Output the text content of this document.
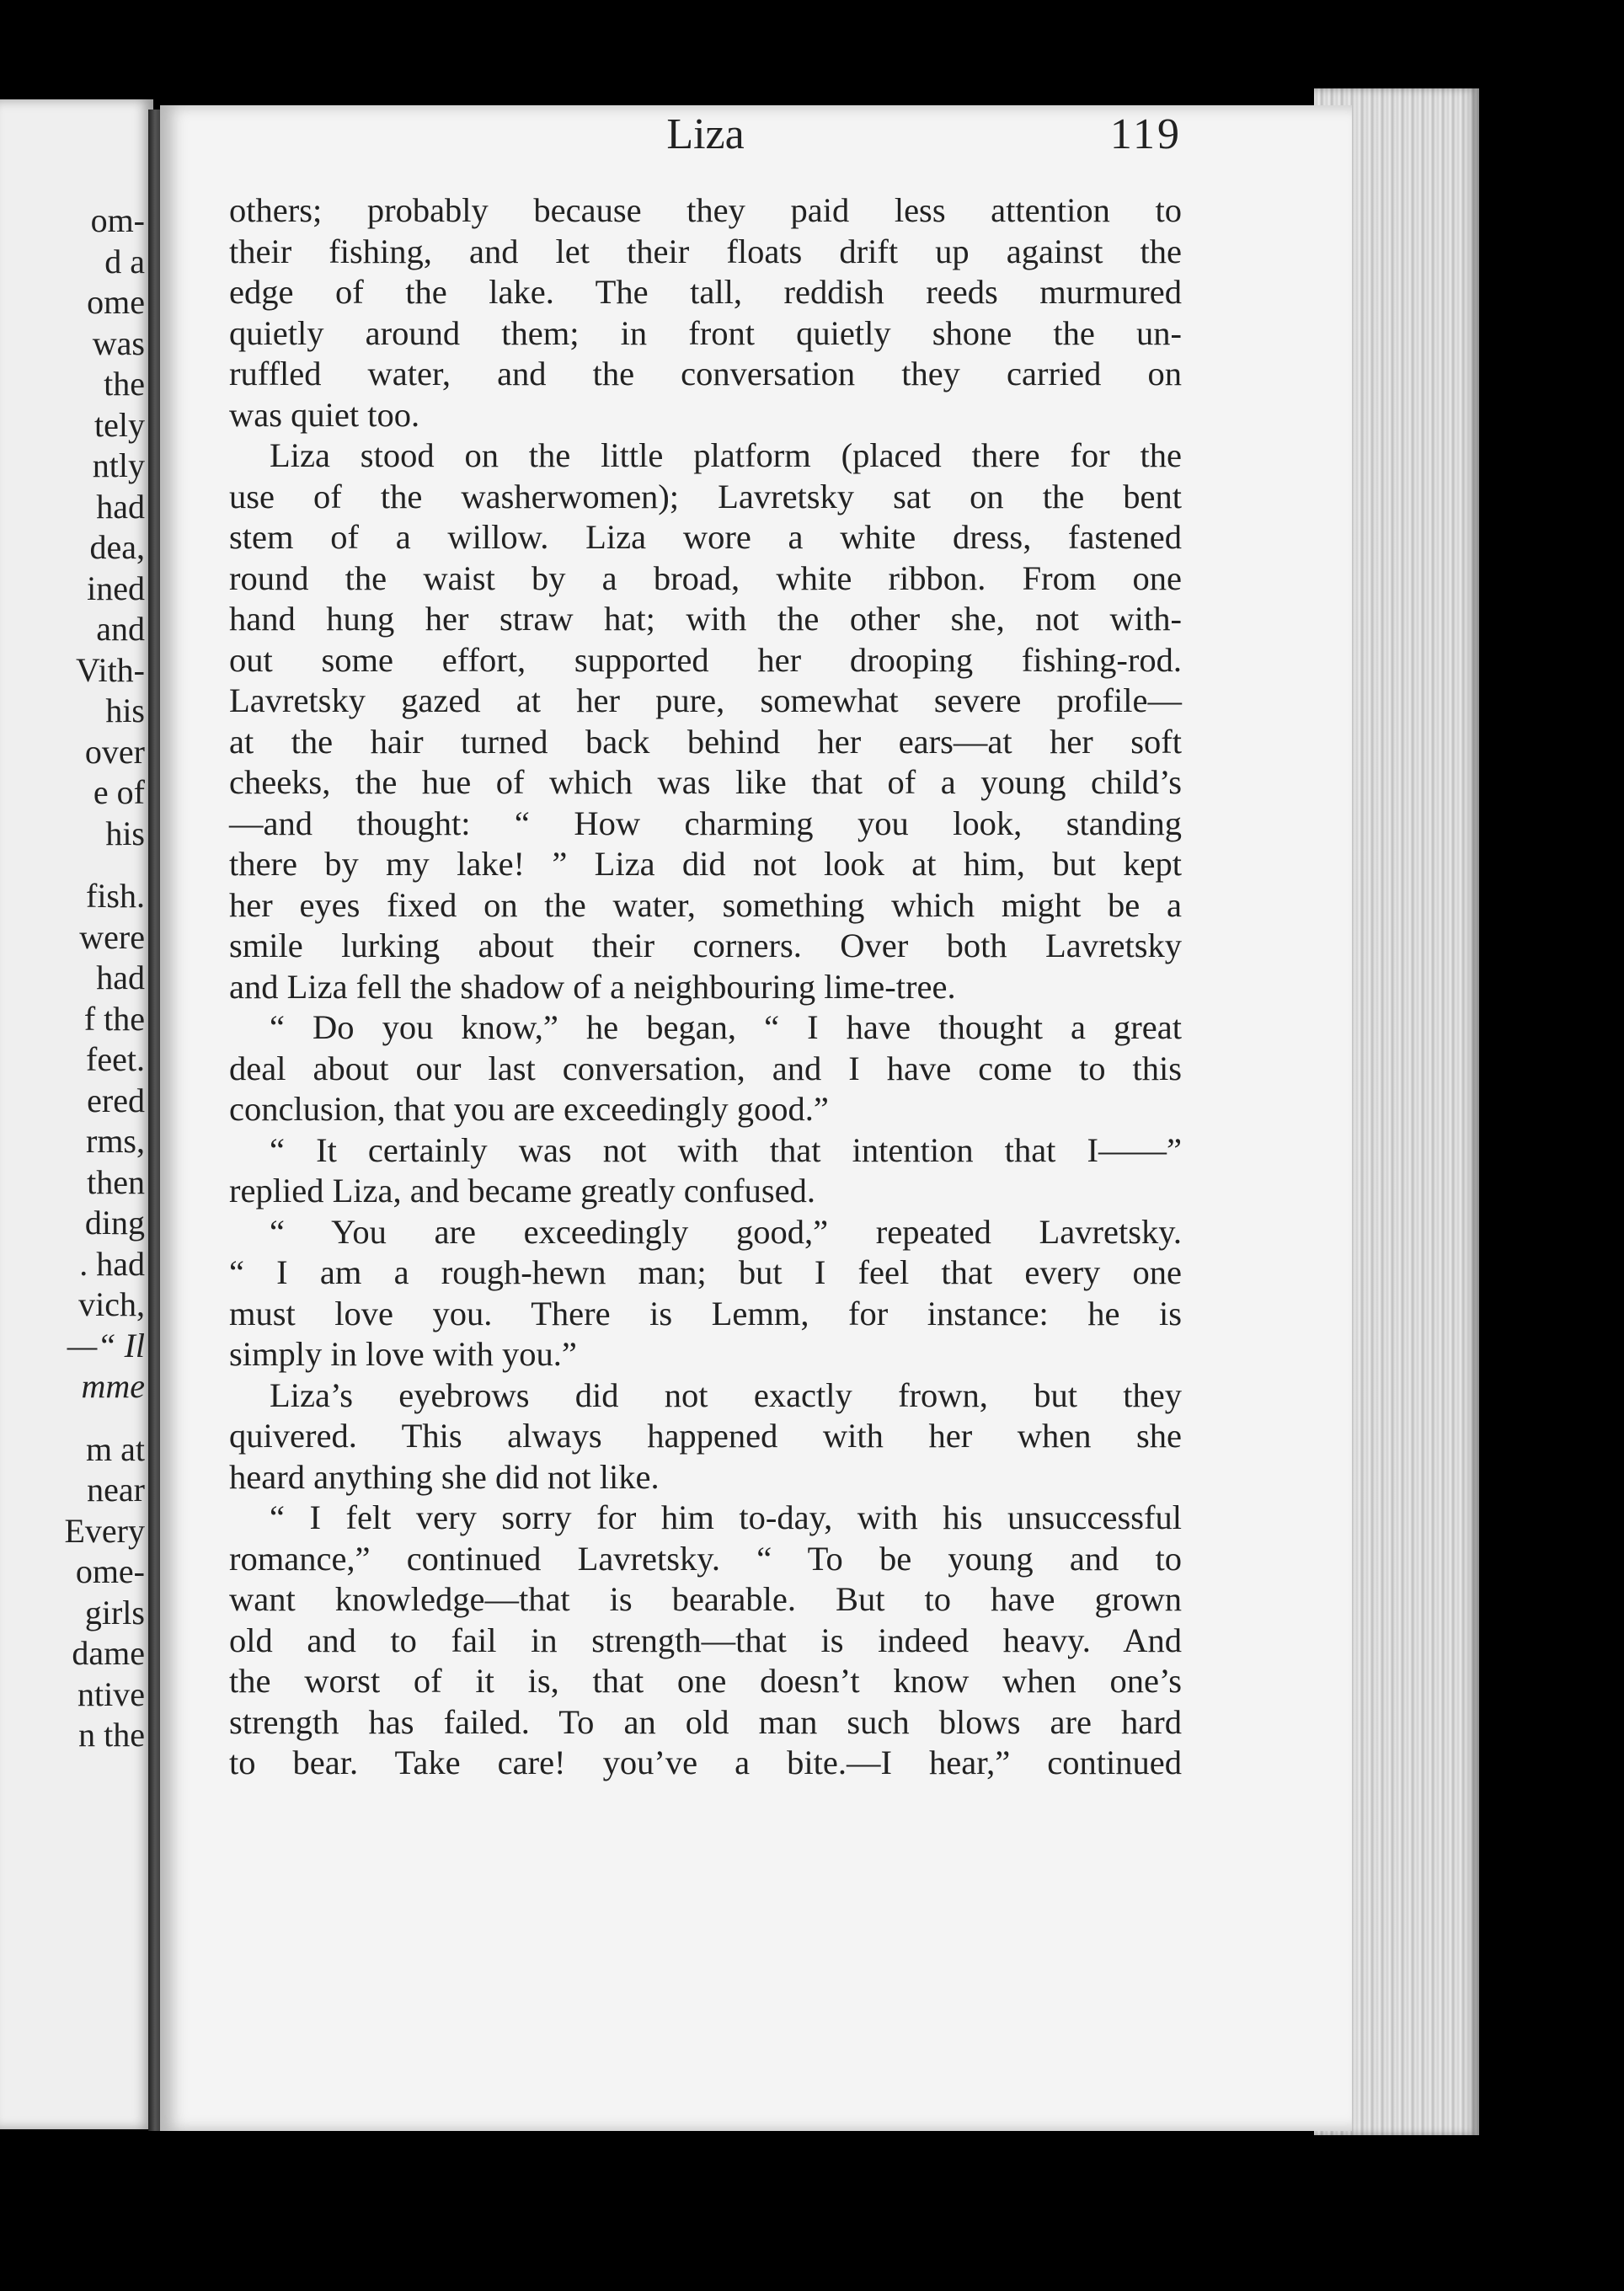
om-
d a
ome
was
the
tely
ntly
had
dea,
ined
and
Vith-
his
over
e of
his
fish.
were
had
f the
feet.
ered
rms,
then
ding
. had
vich,
—“ Il
mme
m at
near
Every
ome-
girls
dame
ntive
n the
Liza	119
others; probably because they paid less attention to
their fishing, and let their floats drift up against the
edge of the lake. The tall, reddish reeds murmured
quietly around them; in front quietly shone the un-
ruffled water, and the conversation they carried on
was quiet too.
Liza stood on the little platform (placed there for the
use of the washerwomen); Lavretsky sat on the bent
stem of a willow. Liza wore a white dress, fastened
round the waist by a broad, white ribbon. From one
hand hung her straw hat; with the other she, not with-
out some effort, supported her drooping fishing-rod.
Lavretsky gazed at her pure, somewhat severe profile—
at the hair turned back behind her ears—at her soft
cheeks, the hue of which was like that of a young child’s
—and thought: “ How charming you look, standing
there by my lake! ” Liza did not look at him, but kept
her eyes fixed on the water, something which might be a
smile lurking about their corners. Over both Lavretsky
and Liza fell the shadow of a neighbouring lime-tree.
“ Do you know,” he began, “ I have thought a great
deal about our last conversation, and I have come to this
conclusion, that you are exceedingly good.”
“ It certainly was not with that intention that I——”
replied Liza, and became greatly confused.
“ You are exceedingly good,” repeated Lavretsky.
“ I am a rough-hewn man; but I feel that every one
must love you. There is Lemm, for instance: he is
simply in love with you.”
Liza’s eyebrows did not exactly frown, but they
quivered. This always happened with her when she
heard anything she did not like.
“ I felt very sorry for him to-day, with his unsuccessful
romance,” continued Lavretsky. “ To be young and to
want knowledge—that is bearable. But to have grown
old and to fail in strength—that is indeed heavy. And
the worst of it is, that one doesn’t know when one’s
strength has failed. To an old man such blows are hard
to bear. Take care! you’ve a bite.—I hear,” continued
